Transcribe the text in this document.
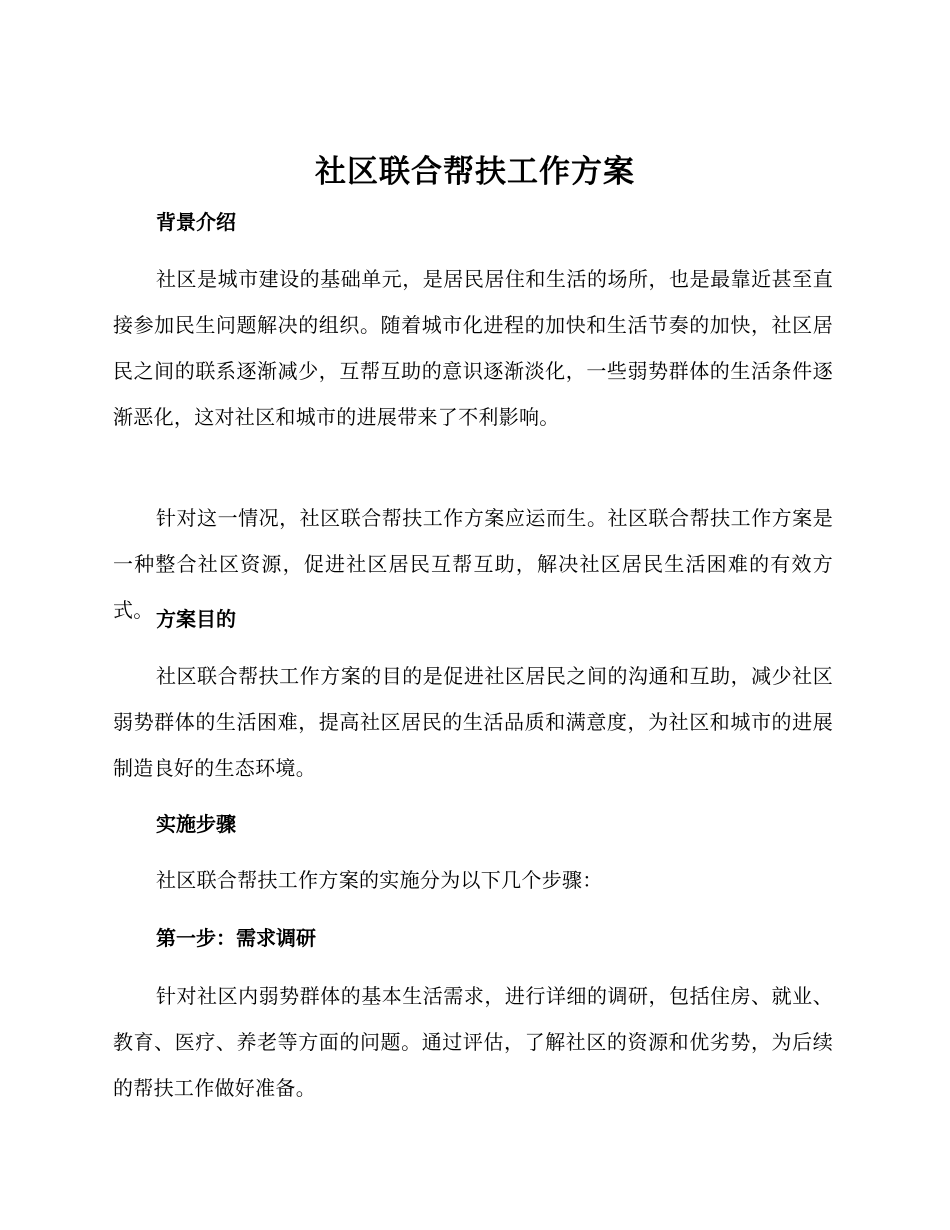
社区联合帮扶工作方案
背景介绍

社区是城市建设的基础单元，是居民居住和生活的场所，也是最靠近甚至直接参加民生问题解决的组织。随着城市化进程的加快和生活节奏的加快，社区居民之间的联系逐渐减少，互帮互助的意识逐渐淡化，一些弱势群体的生活条件逐渐恶化，这对社区和城市的进展带来了不利影响。

针对这一情况，社区联合帮扶工作方案应运而生。社区联合帮扶工作方案是一种整合社区资源，促进社区居民互帮互助，解决社区居民生活困难的有效方式。 方案目的

社区联合帮扶工作方案的目的是促进社区居民之间的沟通和互助，减少社区弱势群体的生活困难，提高社区居民的生活品质和满意度，为社区和城市的进展制造良好的生态环境。

实施步骤

社区联合帮扶工作方案的实施分为以下几个步骤：

第一步：需求调研

针对社区内弱势群体的基本生活需求，进行详细的调研，包括住房、就业、教育、医疗、养老等方面的问题。通过评估，了解社区的资源和优劣势，为后续的帮扶工作做好准备。
